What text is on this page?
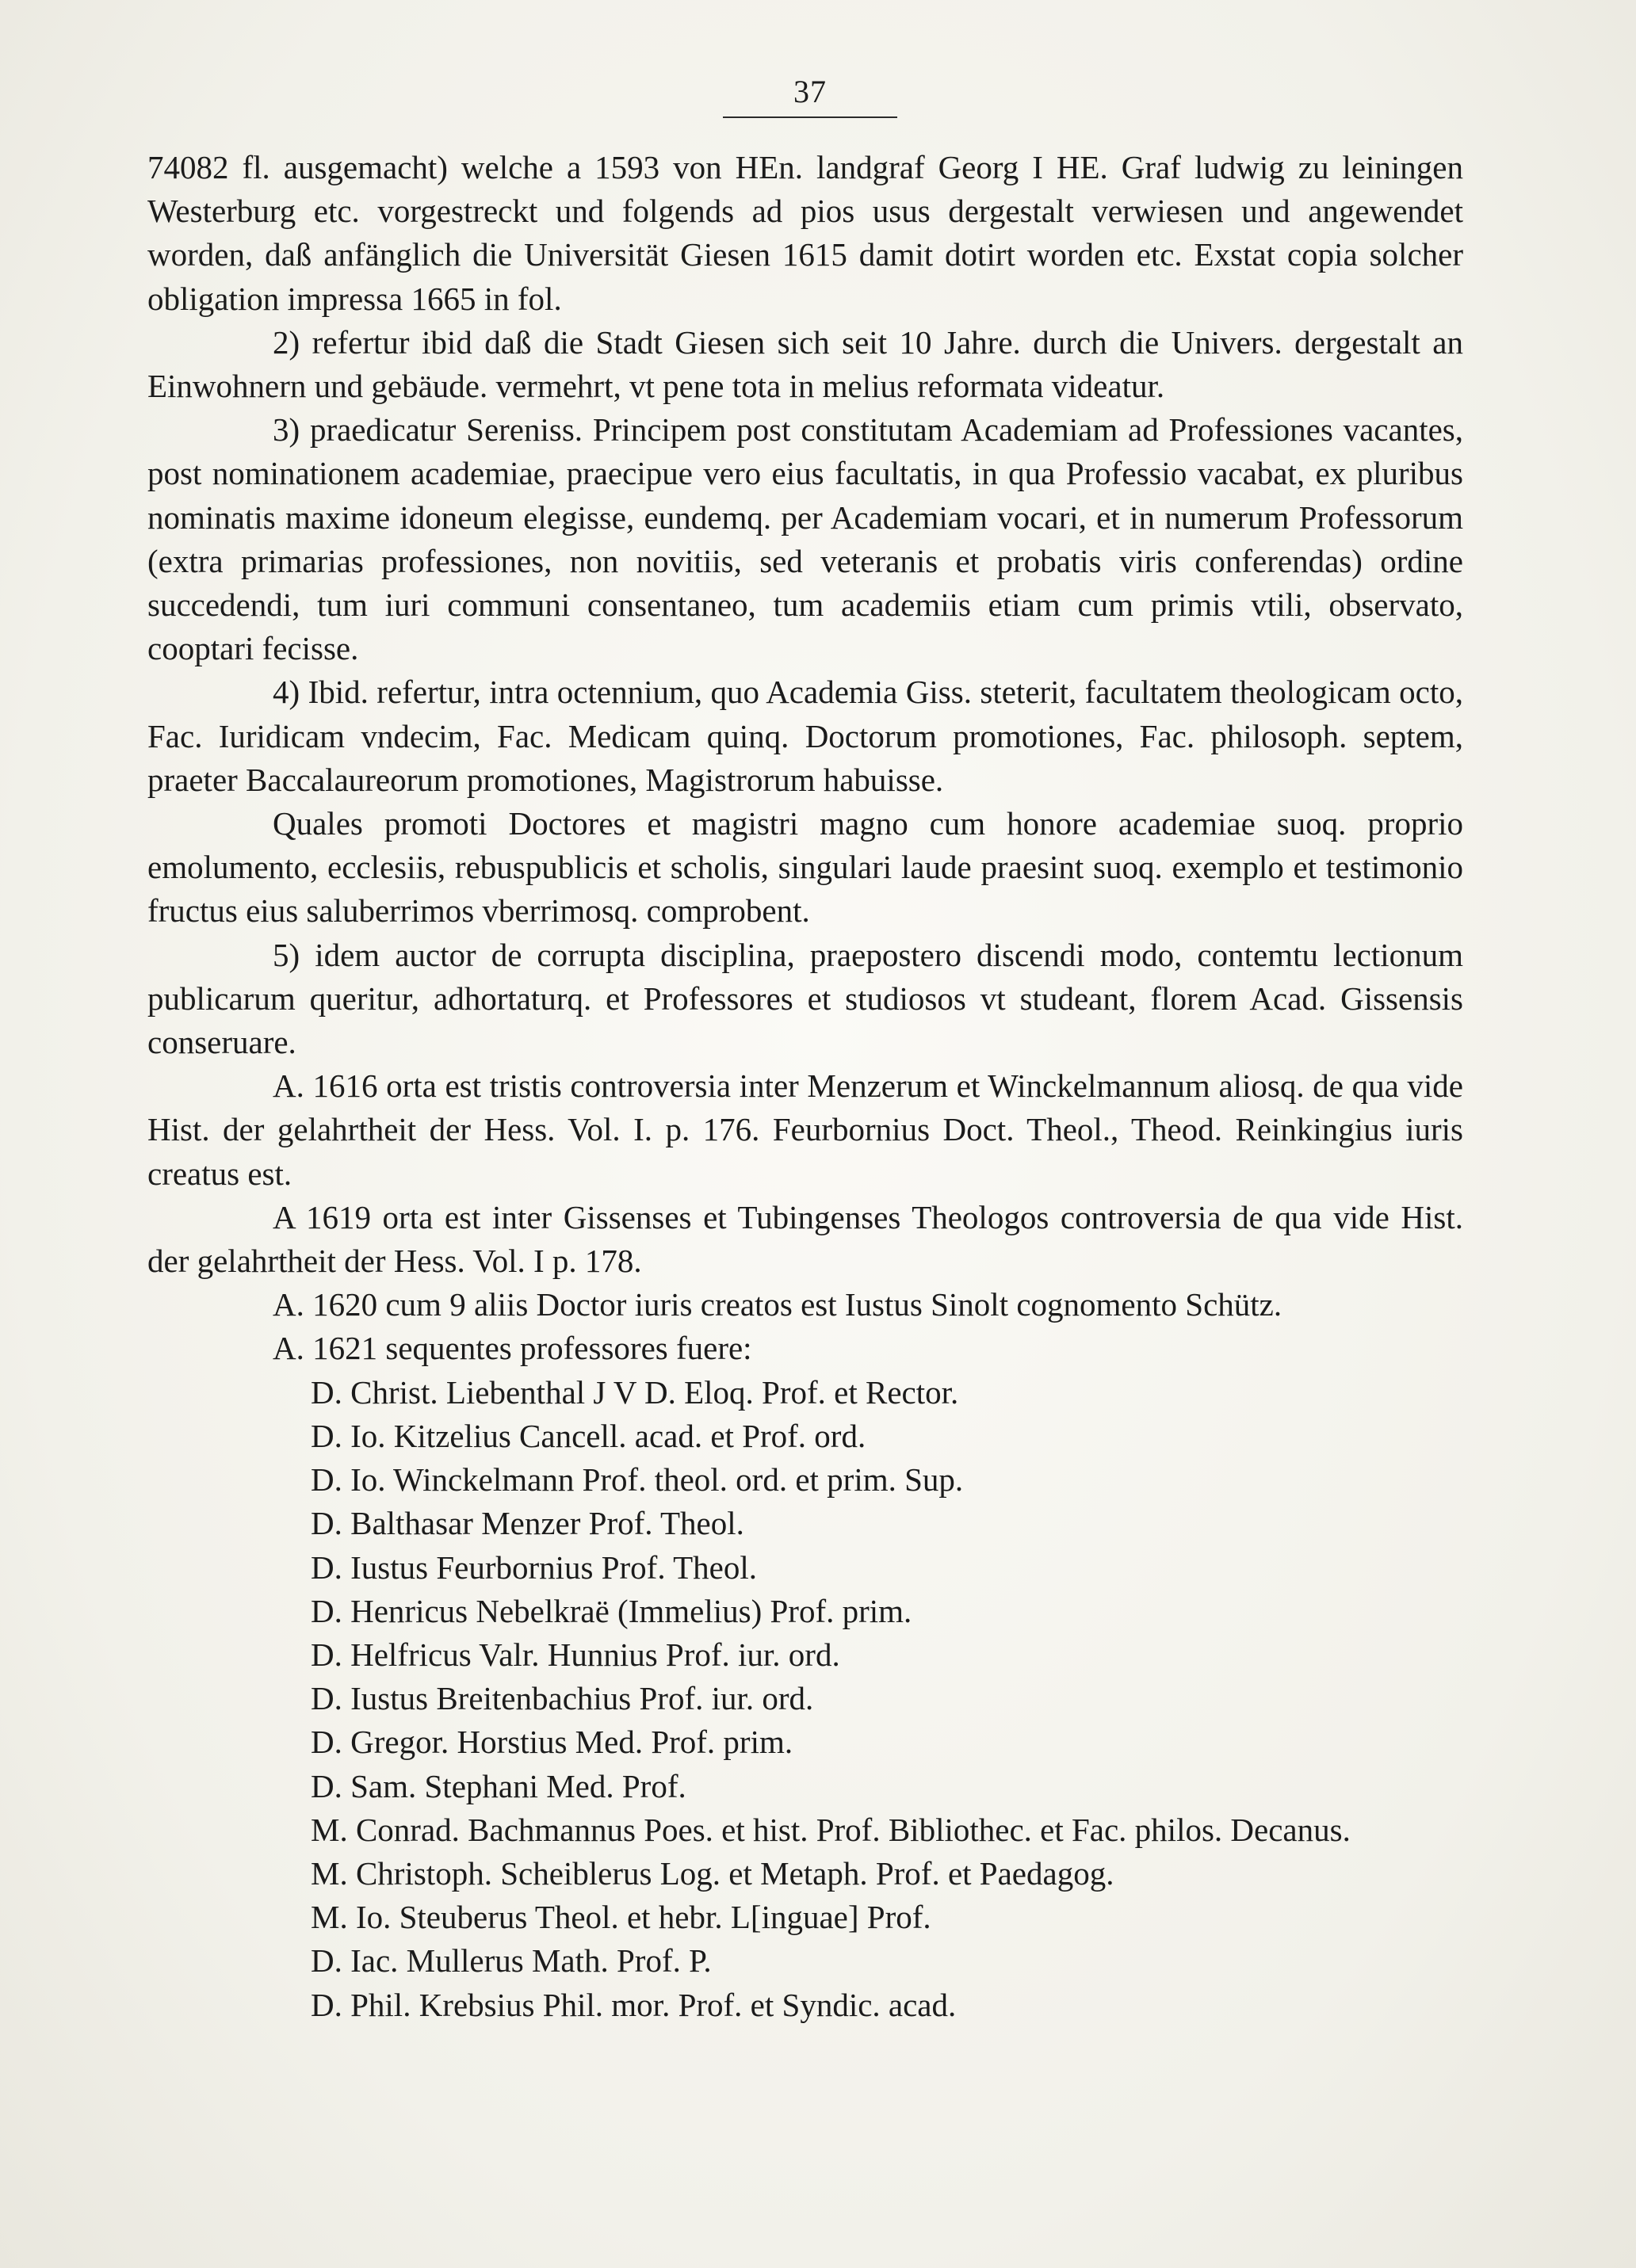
37

74082 fl. ausgemacht) welche a 1593 von HEn. landgraf Georg I HE. Graf ludwig zu leiningen Westerburg etc. vorgestreckt und folgends ad pios usus dergestalt verwiesen und angewendet worden, daß anfänglich die Universität Giesen 1615 damit dotirt worden etc. Exstat copia solcher obligation impressa 1665 in fol.

2) refertur ibid daß die Stadt Giesen sich seit 10 Jahre. durch die Univers. dergestalt an Einwohnern und gebäude. vermehrt, vt pene tota in melius reformata videatur.

3) praedicatur Sereniss. Principem post constitutam Academiam ad Professiones vacantes, post nominationem academiae, praecipue vero eius facultatis, in qua Professio vacabat, ex pluribus nominatis maxime idoneum elegisse, eundemq. per Academiam vocari, et in numerum Professorum (extra primarias professiones, non novitiis, sed veteranis et probatis viris conferendas) ordine succedendi, tum iuri communi consentaneo, tum academiis etiam cum primis vtili, observato, cooptari fecisse.

4) Ibid. refertur, intra octennium, quo Academia Giss. steterit, facultatem theologicam octo, Fac. Iuridicam vndecim, Fac. Medicam quinq. Doctorum promotiones, Fac. philosoph. septem, praeter Baccalaureorum promotiones, Magistrorum habuisse.

Quales promoti Doctores et magistri magno cum honore academiae suoq. proprio emolumento, ecclesiis, rebuspublicis et scholis, singulari laude praesint suoq. exemplo et testimonio fructus eius saluberrimos vberrimosq. comprobent.

5) idem auctor de corrupta disciplina, praepostero discendi modo, contemtu lectionum publicarum queritur, adhortaturq. et Professores et studiosos vt studeant, florem Acad. Gissensis conseruare.

A. 1616 orta est tristis controversia inter Menzerum et Winckelmannum aliosq. de qua vide Hist. der gelahrtheit der Hess. Vol. I. p. 176. Feurbornius Doct. Theol., Theod. Reinkingius iuris creatus est.

A 1619 orta est inter Gissenses et Tubingenses Theologos controversia de qua vide Hist. der gelahrtheit der Hess. Vol. I p. 178.

A. 1620 cum 9 aliis Doctor iuris creatos est Iustus Sinolt cognomento Schütz.

A. 1621 sequentes professores fuere:

D. Christ. Liebenthal J V D. Eloq. Prof. et Rector.
D. Io. Kitzelius Cancell. acad. et Prof. ord.
D. Io. Winckelmann Prof. theol. ord. et prim. Sup.
D. Balthasar Menzer Prof. Theol.
D. Iustus Feurbornius Prof. Theol.
D. Henricus Nebelkraë (Immelius) Prof. prim.
D. Helfricus Valr. Hunnius Prof. iur. ord.
D. Iustus Breitenbachius Prof. iur. ord.
D. Gregor. Horstius Med. Prof. prim.
D. Sam. Stephani Med. Prof.
M. Conrad. Bachmannus Poes. et hist. Prof. Bibliothec. et Fac. philos. Decanus.
M. Christoph. Scheiblerus Log. et Metaph. Prof. et Paedagog.
M. Io. Steuberus Theol. et hebr. L[inguae] Prof.
D. Iac. Mullerus Math. Prof. P.
D. Phil. Krebsius Phil. mor. Prof. et Syndic. acad.
